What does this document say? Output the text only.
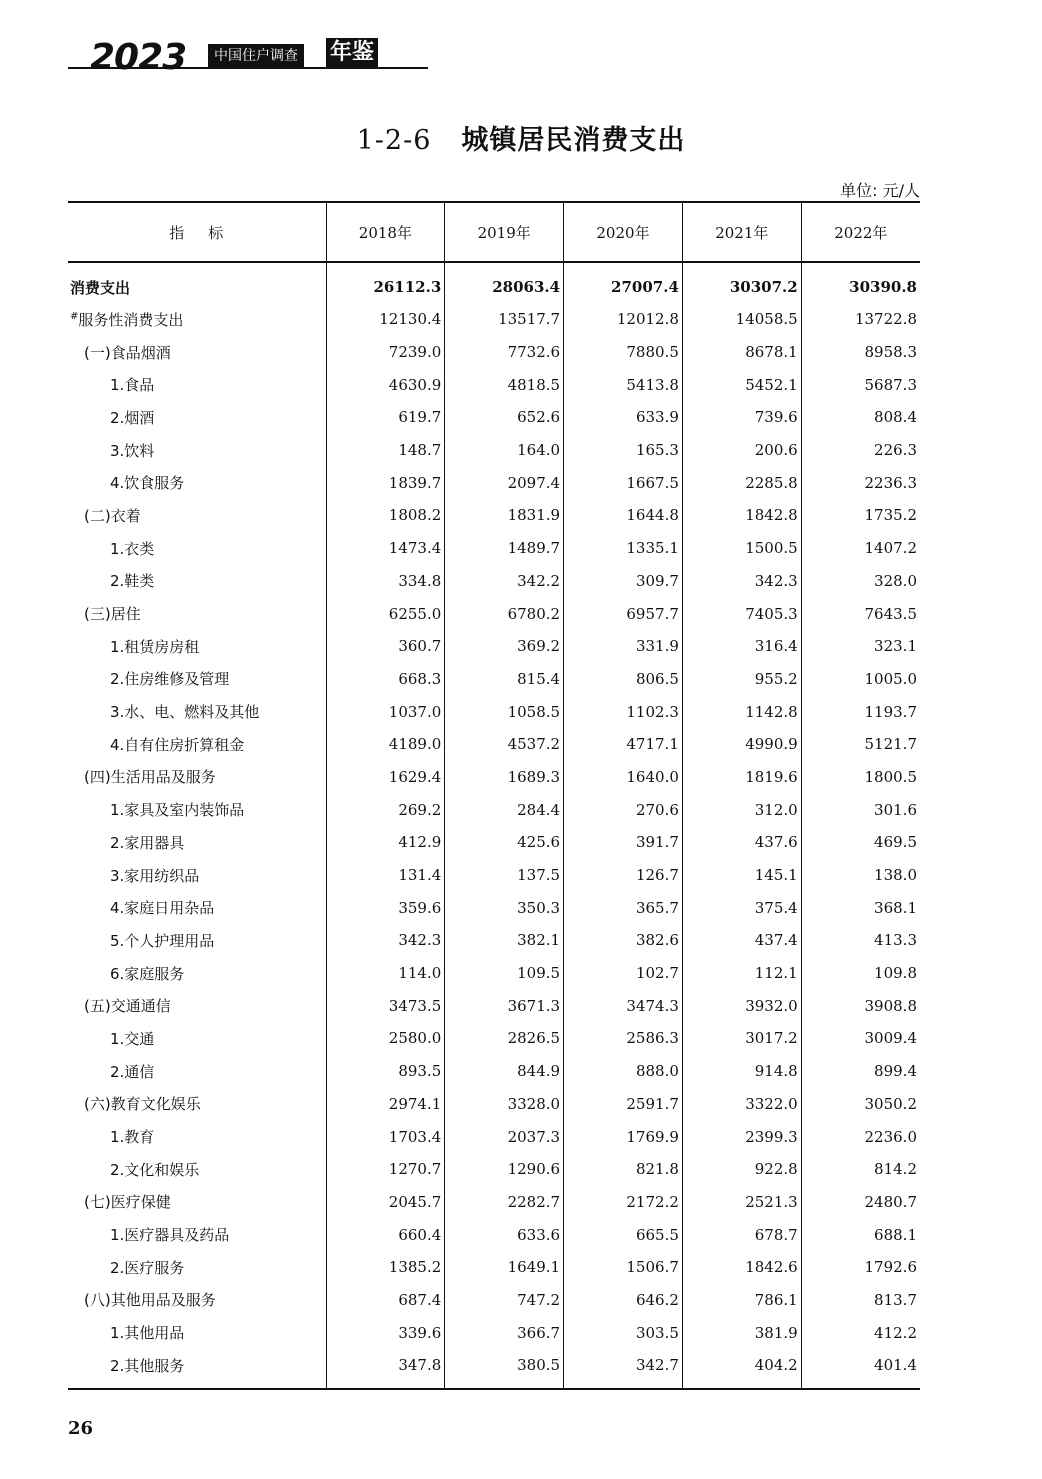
2023	中国住户调查 年鉴
1-2-6 城镇居民消费支出
单位: 元/人
指标	2018年	2019年	2020年	2021年	2022年
消费支出	26112.3	28063.4	27007.4	30307.2	30390.8
#服务性消费支出	12130.4	13517.7	12012.8	14058.5	13722.8
(一)食品烟酒	7239.0	7732.6	7880.5	8678.1	8958.3
1.食品	4630.9	4818.5	5413.8	5452.1	5687.3
2.烟酒	619.7	652.6	633.9	739.6	808.4
3.饮料	148.7	164.0	165.3	200.6	226.3
4.饮食服务	1839.7	2097.4	1667.5	2285.8	2236.3
(二)衣着	1808.2	1831.9	1644.8	1842.8	1735.2
1.衣类	1473.4	1489.7	1335.1	1500.5	1407.2
2.鞋类	334.8	342.2	309.7	342.3	328.0
(三)居住	6255.0	6780.2	6957.7	7405.3	7643.5
1.租赁房房租	360.7	369.2	331.9	316.4	323.1
2.住房维修及管理	668.3	815.4	806.5	955.2	1005.0
3.水、电、燃料及其他	1037.0	1058.5	1102.3	1142.8	1193.7
4.自有住房折算租金	4189.0	4537.2	4717.1	4990.9	5121.7
(四)生活用品及服务	1629.4	1689.3	1640.0	1819.6	1800.5
1.家具及室内装饰品	269.2	284.4	270.6	312.0	301.6
2.家用器具	412.9	425.6	391.7	437.6	469.5
3.家用纺织品	131.4	137.5	126.7	145.1	138.0
4.家庭日用杂品	359.6	350.3	365.7	375.4	368.1
5.个人护理用品	342.3	382.1	382.6	437.4	413.3
6.家庭服务	114.0	109.5	102.7	112.1	109.8
(五)交通通信	3473.5	3671.3	3474.3	3932.0	3908.8
1.交通	2580.0	2826.5	2586.3	3017.2	3009.4
2.通信	893.5	844.9	888.0	914.8	899.4
(六)教育文化娱乐	2974.1	3328.0	2591.7	3322.0	3050.2
1.教育	1703.4	2037.3	1769.9	2399.3	2236.0
2.文化和娱乐	1270.7	1290.6	821.8	922.8	814.2
(七)医疗保健	2045.7	2282.7	2172.2	2521.3	2480.7
1.医疗器具及药品	660.4	633.6	665.5	678.7	688.1
2.医疗服务	1385.2	1649.1	1506.7	1842.6	1792.6
(八)其他用品及服务	687.4	747.2	646.2	786.1	813.7
1.其他用品	339.6	366.7	303.5	381.9	412.2
2.其他服务	347.8	380.5	342.7	404.2	401.4
26
